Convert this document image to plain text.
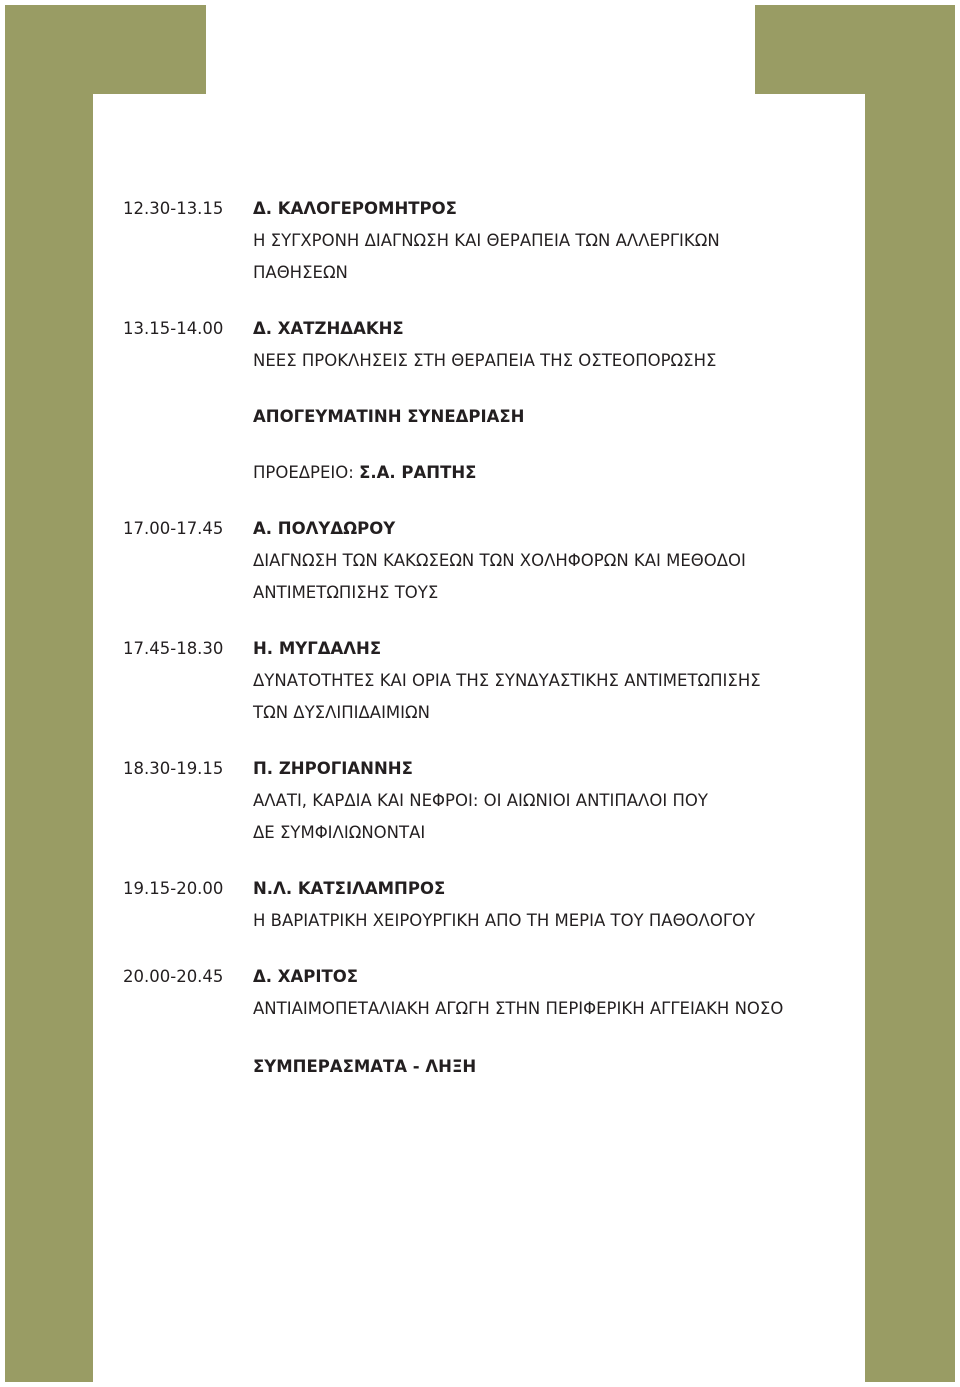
12.30-13.15	Δ. ΚΑΛΟΓΕΡΟΜΗΤΡΟΣ
Η ΣΥΓΧΡΟΝΗ ΔΙΑΓΝΩΣΗ ΚΑΙ ΘΕΡΑΠΕΙΑ ΤΩΝ ΑΛΛΕΡΓΙΚΩΝ
ΠΑΘΗΣΕΩΝ
13.15-14.00	Δ. ΧΑΤΖΗΔΑΚΗΣ
ΝΕΕΣ ΠΡΟΚΛΗΣΕΙΣ ΣΤΗ ΘΕΡΑΠΕΙΑ ΤΗΣ ΟΣΤΕΟΠΟΡΩΣΗΣ
ΑΠΟΓΕΥΜΑΤΙΝΗ ΣΥΝΕΔΡΙΑΣΗ
ΠΡΟΕΔΡΕΙΟ: Σ.Α. ΡΑΠΤΗΣ
17.00-17.45	Α. ΠΟΛΥΔΩΡΟΥ
ΔΙΑΓΝΩΣΗ ΤΩΝ ΚΑΚΩΣΕΩΝ ΤΩΝ ΧΟΛΗΦΟΡΩΝ ΚΑΙ ΜΕΘΟΔΟΙ
ΑΝΤΙΜΕΤΩΠΙΣΗΣ ΤΟΥΣ
17.45-18.30	Η. ΜΥΓΔΑΛΗΣ
ΔΥΝΑΤΟΤΗΤΕΣ ΚΑΙ ΟΡΙΑ ΤΗΣ ΣΥΝΔΥΑΣΤΙΚΗΣ ΑΝΤΙΜΕΤΩΠΙΣΗΣ
ΤΩΝ ΔΥΣΛΙΠΙΔΑΙΜΙΩΝ
18.30-19.15	Π. ΖΗΡΟΓΙΑΝΝΗΣ
ΑΛΑΤΙ, ΚΑΡΔΙΑ ΚΑΙ ΝΕΦΡΟΙ: ΟΙ ΑΙΩΝΙΟΙ ΑΝΤΙΠΑΛΟΙ ΠΟΥ
ΔΕ ΣΥΜΦΙΛΙΩΝΟΝΤΑΙ
19.15-20.00	Ν.Λ. ΚΑΤΣΙΛΑΜΠΡΟΣ
Η ΒΑΡΙΑΤΡΙΚΗ ΧΕΙΡΟΥΡΓΙΚΗ ΑΠΟ ΤΗ ΜΕΡΙΑ ΤΟΥ ΠΑΘΟΛΟΓΟΥ
20.00-20.45	Δ. ΧΑΡΙΤΟΣ
ΑΝΤΙΑΙΜΟΠΕΤΑΛΙΑΚΗ ΑΓΩΓΗ ΣΤΗΝ ΠΕΡΙΦΕΡΙΚΗ ΑΓΓΕΙΑΚΗ ΝΟΣΟ
ΣΥΜΠΕΡΑΣΜΑΤΑ - ΛΗΞΗ
